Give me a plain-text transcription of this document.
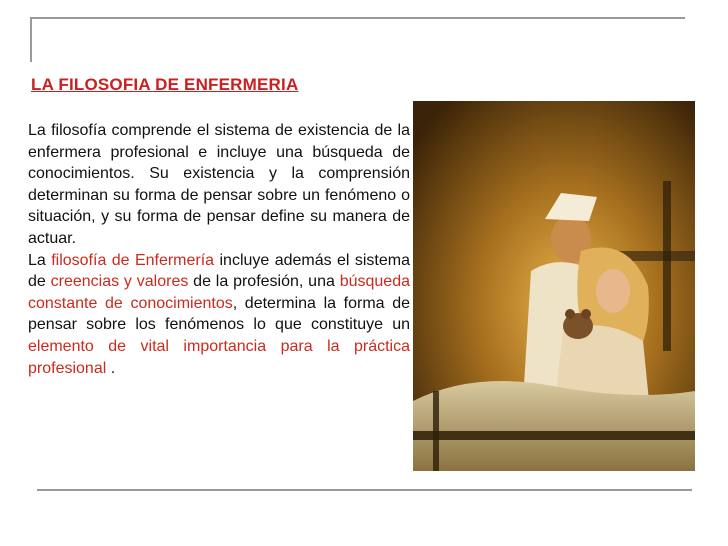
LA FILOSOFIA DE ENFERMERIA

La filosofía comprende el sistema de existencia de la enfermera profesional e incluye una búsqueda de conocimientos. Su existencia y la comprensión determinan su forma de pensar sobre un fenómeno o situación, y su forma de pensar define su manera de actuar.

La filosofía de Enfermería incluye además el sistema de creencias y valores de la profesión, una búsqueda constante de conocimientos, determina la forma de pensar sobre los fenómenos lo que constituye un elemento de vital importancia para la práctica profesional .
